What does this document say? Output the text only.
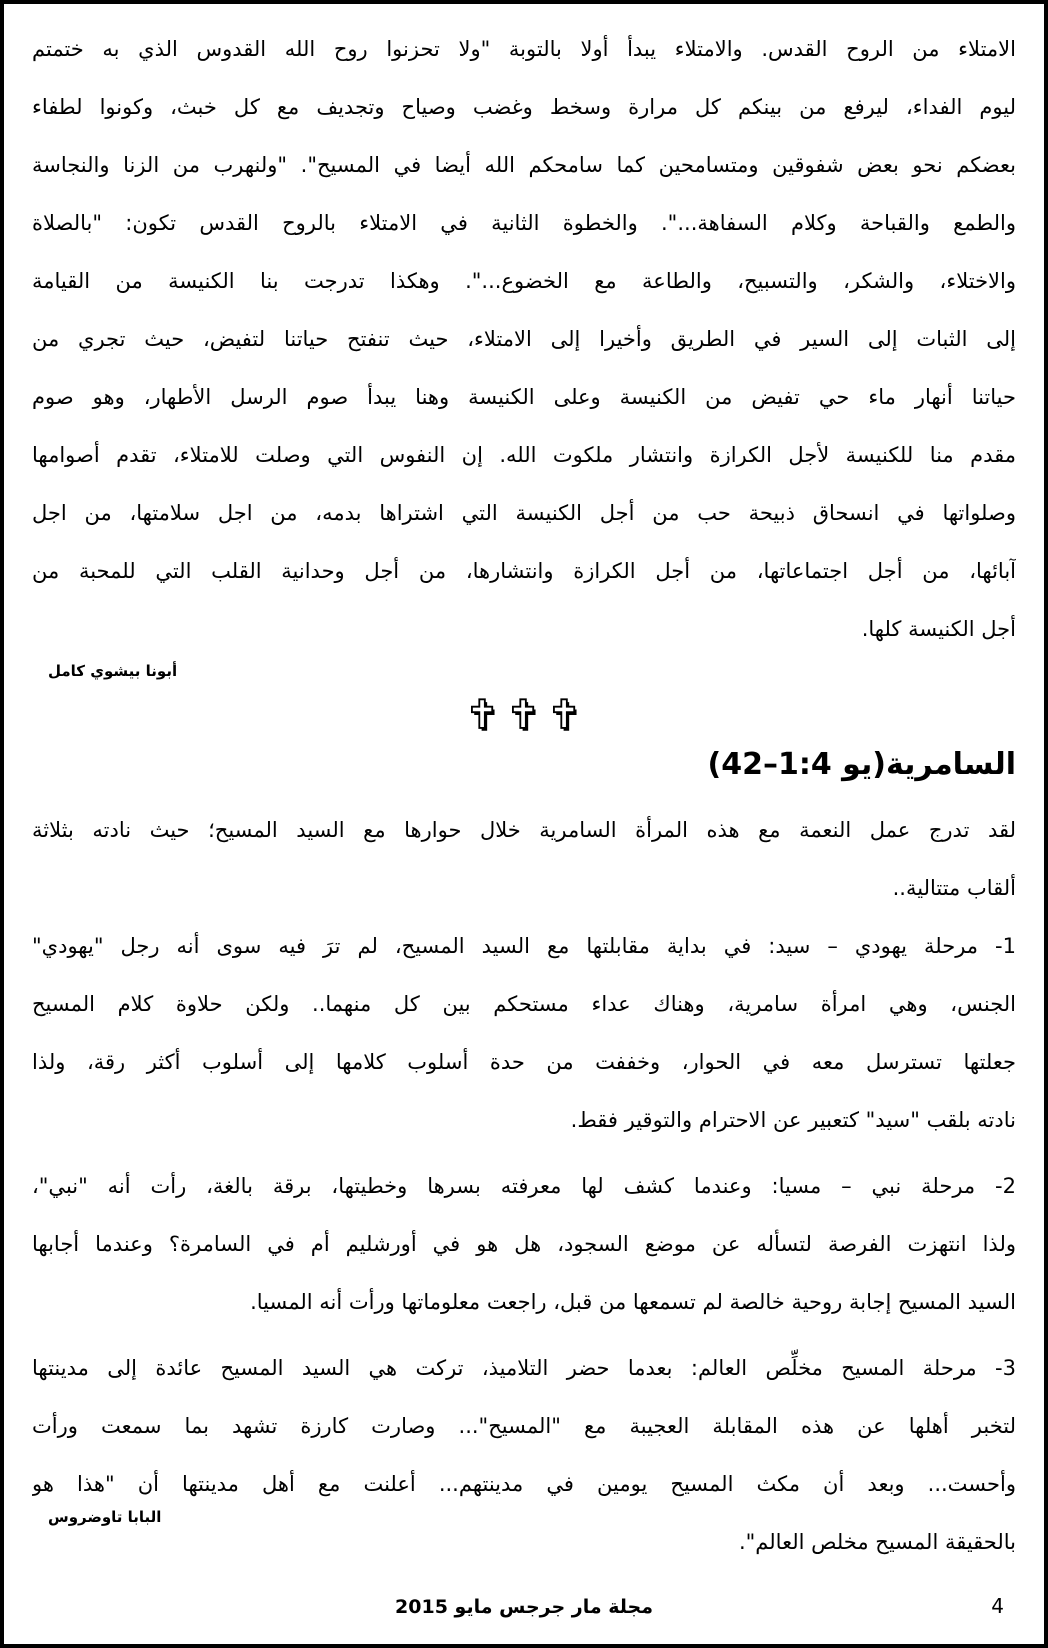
الامتلاء من الروح القدس. والامتلاء يبدأ أولا بالتوبة "ولا تحزنوا روح الله القدوس الذي به ختمتم
ليوم الفداء، ليرفع من بينكم كل مرارة وسخط وغضب وصياح وتجديف مع كل خبث، وكونوا لطفاء
بعضكم نحو بعض شفوقين ومتسامحين كما سامحكم الله أيضا في المسيح". "ولنهرب من الزنا والنجاسة
والطمع والقباحة وكلام السفاهة...". والخطوة الثانية في الامتلاء بالروح القدس تكون: "بالصلاة
والاختلاء، والشكر، والتسبيح، والطاعة مع الخضوع...". وهكذا تدرجت بنا الكنيسة من القيامة
إلى الثبات إلى السير في الطريق وأخيرا إلى الامتلاء، حيث تنفتح حياتنا لتفيض، حيث تجري من
حياتنا أنهار ماء حي تفيض من الكنيسة وعلى الكنيسة وهنا يبدأ صوم الرسل الأطهار، وهو صوم
مقدم منا للكنيسة لأجل الكرازة وانتشار ملكوت الله. إن النفوس التي وصلت للامتلاء، تقدم أصوامها
وصلواتها في انسحاق ذبيحة حب من أجل الكنيسة التي اشتراها بدمه، من اجل سلامتها، من اجل
آبائها، من أجل اجتماعاتها، من أجل الكرازة وانتشارها، من أجل وحدانية القلب التي للمحبة من
أجل الكنيسة كلها.
أبونا بيشوي كامل

السامرية(يو 1:4–42)
لقد تدرج عمل النعمة مع هذه المرأة السامرية خلال حوارها مع السيد المسيح؛ حيث نادته بثلاثة
ألقاب متتالية..
1- مرحلة يهودي – سيد: في بداية مقابلتها مع السيد المسيح، لم ترَ فيه سوى أنه رجل "يهودي"
الجنس، وهي امرأة سامرية، وهناك عداء مستحكم بين كل منهما.. ولكن حلاوة كلام المسيح
جعلتها تسترسل معه في الحوار، وخففت من حدة أسلوب كلامها إلى أسلوب أكثر رقة، ولذا
نادته بلقب "سيد" كتعبير عن الاحترام والتوقير فقط.
2- مرحلة نبي – مسيا: وعندما كشف لها معرفته بسرها وخطيتها، برقة بالغة، رأت أنه "نبي"،
ولذا انتهزت الفرصة لتسأله عن موضع السجود، هل هو في أورشليم أم في السامرة؟ وعندما أجابها
السيد المسيح إجابة روحية خالصة لم تسمعها من قبل، راجعت معلوماتها ورأت أنه المسيا.
3- مرحلة المسيح مخلِّص العالم: بعدما حضر التلاميذ، تركت هي السيد المسيح عائدة إلى مدينتها
لتخبر أهلها عن هذه المقابلة العجيبة مع "المسيح"... وصارت كارزة تشهد بما سمعت ورأت
وأحست... وبعد أن مكث المسيح يومين في مدينتهم... أعلنت مع أهل مدينتها أن "هذا هو
بالحقيقة المسيح مخلص العالم".
البابا تاوضروس
مجلة مار جرجس مايو 2015	4
